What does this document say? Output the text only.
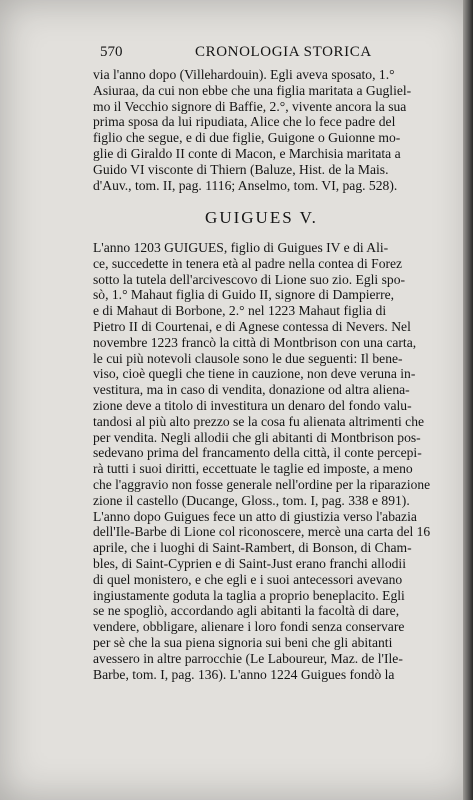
570	CRONOLOGIA STORICA
via l'anno dopo (Villehardouin). Egli aveva sposato, 1.°
Asiuraa, da cui non ebbe che una figlia maritata a Gugliel-
mo il Vecchio signore di Baffie, 2.°, vivente ancora la sua
prima sposa da lui ripudiata, Alice che lo fece padre del
figlio che segue, e di due figlie, Guigone o Guionne mo-
glie di Giraldo II conte di Macon, e Marchisia maritata a
Guido VI visconte di Thiern (Baluze, Hist. de la Mais.
d'Auv., tom. II, pag. 1116; Anselmo, tom. VI, pag. 528).
GUIGUES V.
L'anno 1203 GUIGUES, figlio di Guigues IV e di Ali-
ce, succedette in tenera età al padre nella contea di Forez
sotto la tutela dell'arcivescovo di Lione suo zio. Egli spo-
sò, 1.° Mahaut figlia di Guido II, signore di Dampierre,
e di Mahaut di Borbone, 2.° nel 1223 Mahaut figlia di
Pietro II di Courtenai, e di Agnese contessa di Nevers. Nel
novembre 1223 francò la città di Montbrison con una carta,
le cui più notevoli clausole sono le due seguenti: Il bene-
viso, cioè quegli che tiene in cauzione, non deve veruna in-
vestitura, ma in caso di vendita, donazione od altra aliena-
zione deve a titolo di investitura un denaro del fondo valu-
tandosi al più alto prezzo se la cosa fu alienata altrimenti che
per vendita. Negli allodii che gli abitanti di Montbrison pos-
sedevano prima del francamento della città, il conte percepi-
rà tutti i suoi diritti, eccettuate le taglie ed imposte, a meno
che l'aggravio non fosse generale nell'ordine per la riparazione
zione il castello (Ducange, Gloss., tom. I, pag. 338 e 891).
L'anno dopo Guigues fece un atto di giustizia verso l'abazia
dell'Ile-Barbe di Lione col riconoscere, mercè una carta del 16
aprile, che i luoghi di Saint-Rambert, di Bonson, di Cham-
bles, di Saint-Cyprien e di Saint-Just erano franchi allodii
di quel monistero, e che egli e i suoi antecessori avevano
ingiustamente goduta la taglia a proprio beneplacito. Egli
se ne spogliò, accordando agli abitanti la facoltà di dare,
vendere, obbligare, alienare i loro fondi senza conservare
per sè che la sua piena signoria sui beni che gli abitanti
avessero in altre parrocchie (Le Laboureur, Maz. de l'Ile-
Barbe, tom. I, pag. 136). L'anno 1224 Guigues fondò la
